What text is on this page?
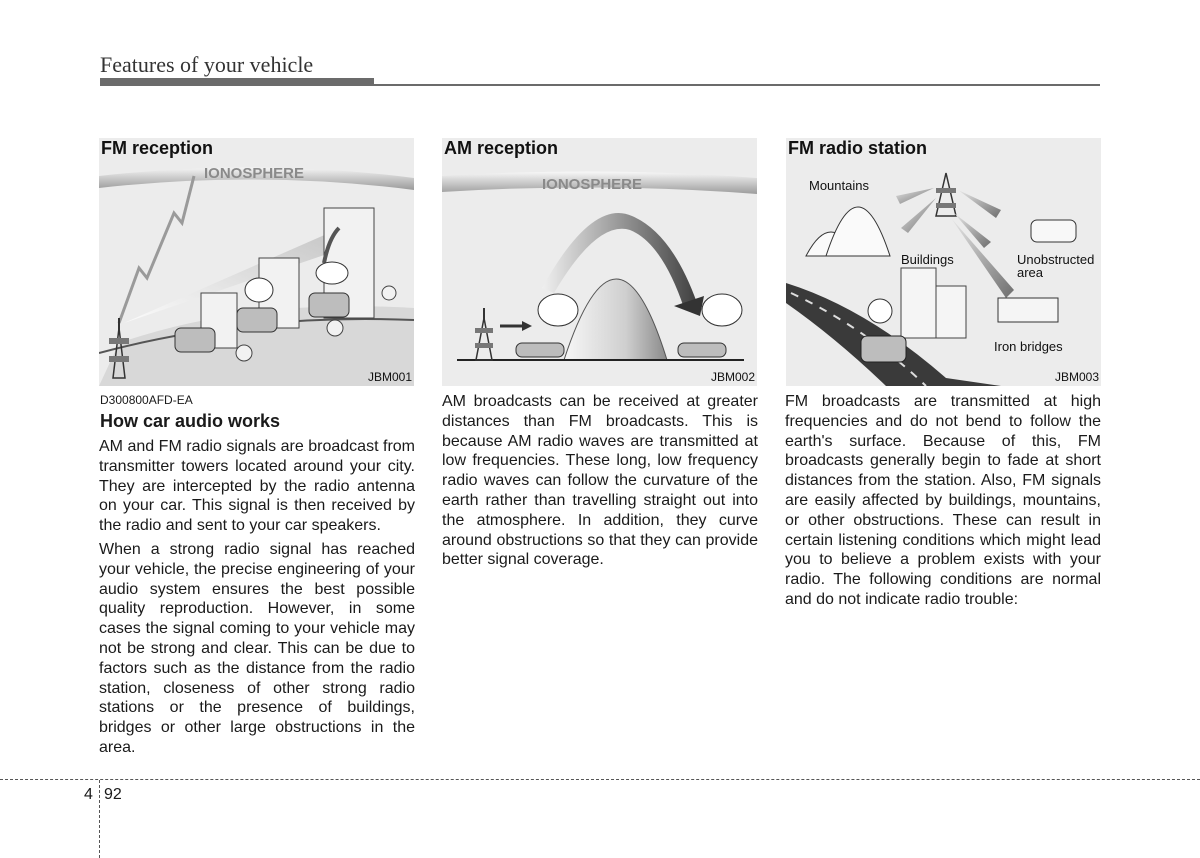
Features of your vehicle
IONOSPHERE
FM reception
JBM001
IONOSPHERE
AM reception
JBM002
Mountains
Unobstructed
area
Buildings
Iron bridges
FM radio station
JBM003
D300800AFD-EA
How car audio works

AM and FM radio signals are broadcast from transmitter towers located around your city. They are intercepted by the radio antenna on your car. This signal is then received by the radio and sent to your car speakers.

When a strong radio signal has reached your vehicle, the precise engineering of your audio system ensures the best possible quality reproduction. However, in some cases the signal coming to your vehicle may not be strong and clear. This can be due to factors such as the distance from the radio station, closeness of other strong radio stations or the presence of buildings, bridges or other large obstructions in the area.

AM broadcasts can be received at greater distances than FM broadcasts. This is because AM radio waves are transmitted at low frequencies. These long, low frequency radio waves can follow the curvature of the earth rather than travelling straight out into the atmosphere. In addition, they curve around obstructions so that they can provide better signal coverage.

FM broadcasts are transmitted at high frequencies and do not bend to follow the earth's surface. Because of this, FM broadcasts generally begin to fade at short distances from the station. Also, FM signals are easily affected by buildings, mountains, or other obstructions. These can result in certain listening conditions which might lead you to believe a problem exists with your radio. The following conditions are normal and do not indicate radio trouble:

4 92
